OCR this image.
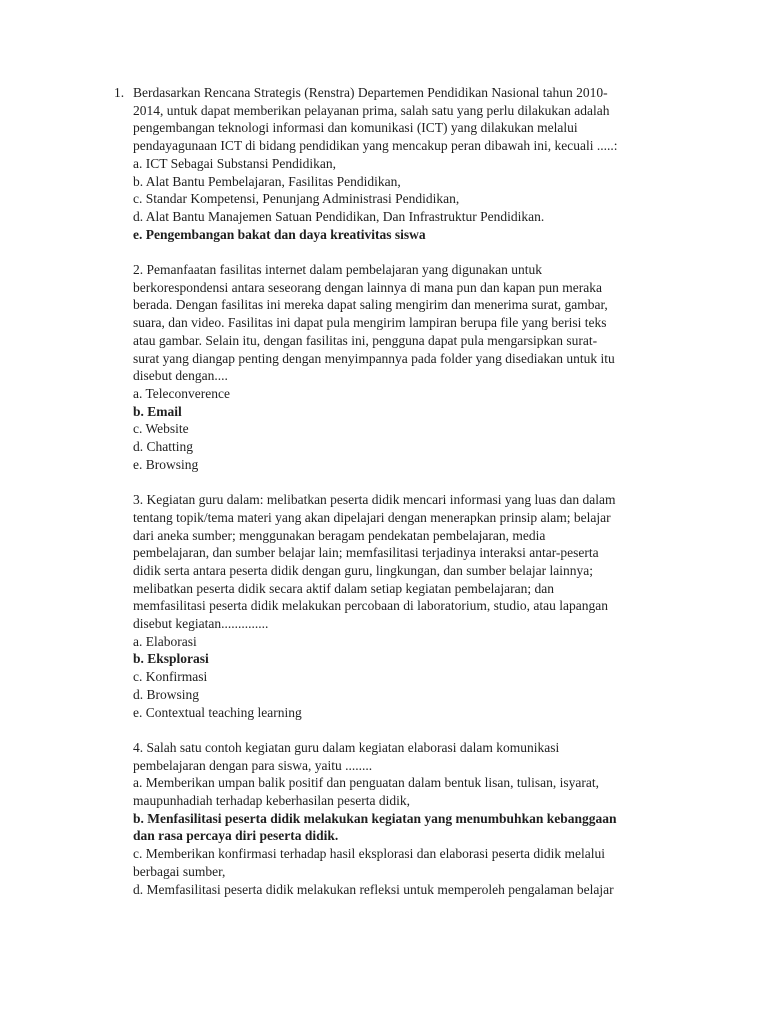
1. Berdasarkan Rencana Strategis (Renstra) Departemen Pendidikan Nasional tahun 2010-
2014, untuk dapat memberikan pelayanan prima, salah satu yang perlu dilakukan adalah
pengembangan teknologi informasi dan komunikasi (ICT) yang dilakukan melalui
pendayagunaan ICT di bidang pendidikan yang mencakup peran dibawah ini, kecuali .....:
a. ICT Sebagai Substansi Pendidikan,
b. Alat Bantu Pembelajaran, Fasilitas Pendidikan,
c. Standar Kompetensi, Penunjang Administrasi Pendidikan,
d. Alat Bantu Manajemen Satuan Pendidikan, Dan Infrastruktur Pendidikan.
e. Pengembangan bakat dan daya kreativitas siswa
2. Pemanfaatan fasilitas internet dalam pembelajaran yang digunakan untuk
berkorespondensi antara seseorang dengan lainnya di mana pun dan kapan pun meraka
berada. Dengan fasilitas ini mereka dapat saling mengirim dan menerima surat, gambar,
suara, dan video. Fasilitas ini dapat pula mengirim lampiran berupa file yang berisi teks
atau gambar. Selain itu, dengan fasilitas ini, pengguna dapat pula mengarsipkan surat-
surat yang diangap penting dengan menyimpannya pada folder yang disediakan untuk itu
disebut dengan....
a. Teleconverence
b. Email
c. Website
d. Chatting
e. Browsing
3. Kegiatan guru dalam: melibatkan peserta didik mencari informasi yang luas dan dalam
tentang topik/tema materi yang akan dipelajari dengan menerapkan prinsip alam; belajar
dari aneka sumber; menggunakan beragam pendekatan pembelajaran, media
pembelajaran, dan sumber belajar lain; memfasilitasi terjadinya interaksi antar-peserta
didik serta antara peserta didik dengan guru, lingkungan, dan sumber belajar lainnya;
melibatkan peserta didik secara aktif dalam setiap kegiatan pembelajaran; dan
memfasilitasi peserta didik melakukan percobaan di laboratorium, studio, atau lapangan
disebut kegiatan..............
a. Elaborasi
b. Eksplorasi
c. Konfirmasi
d. Browsing
e. Contextual teaching learning
4. Salah satu contoh kegiatan guru dalam kegiatan elaborasi dalam komunikasi
pembelajaran dengan para siswa, yaitu ........
a. Memberikan umpan balik positif dan penguatan dalam bentuk lisan, tulisan, isyarat,
maupunhadiah terhadap keberhasilan peserta didik,
b. Menfasilitasi peserta didik melakukan kegiatan yang menumbuhkan kebanggaan
dan rasa percaya diri peserta didik.
c. Memberikan konfirmasi terhadap hasil eksplorasi dan elaborasi peserta didik melalui
berbagai sumber,
d. Memfasilitasi peserta didik melakukan refleksi untuk memperoleh pengalaman belajar
